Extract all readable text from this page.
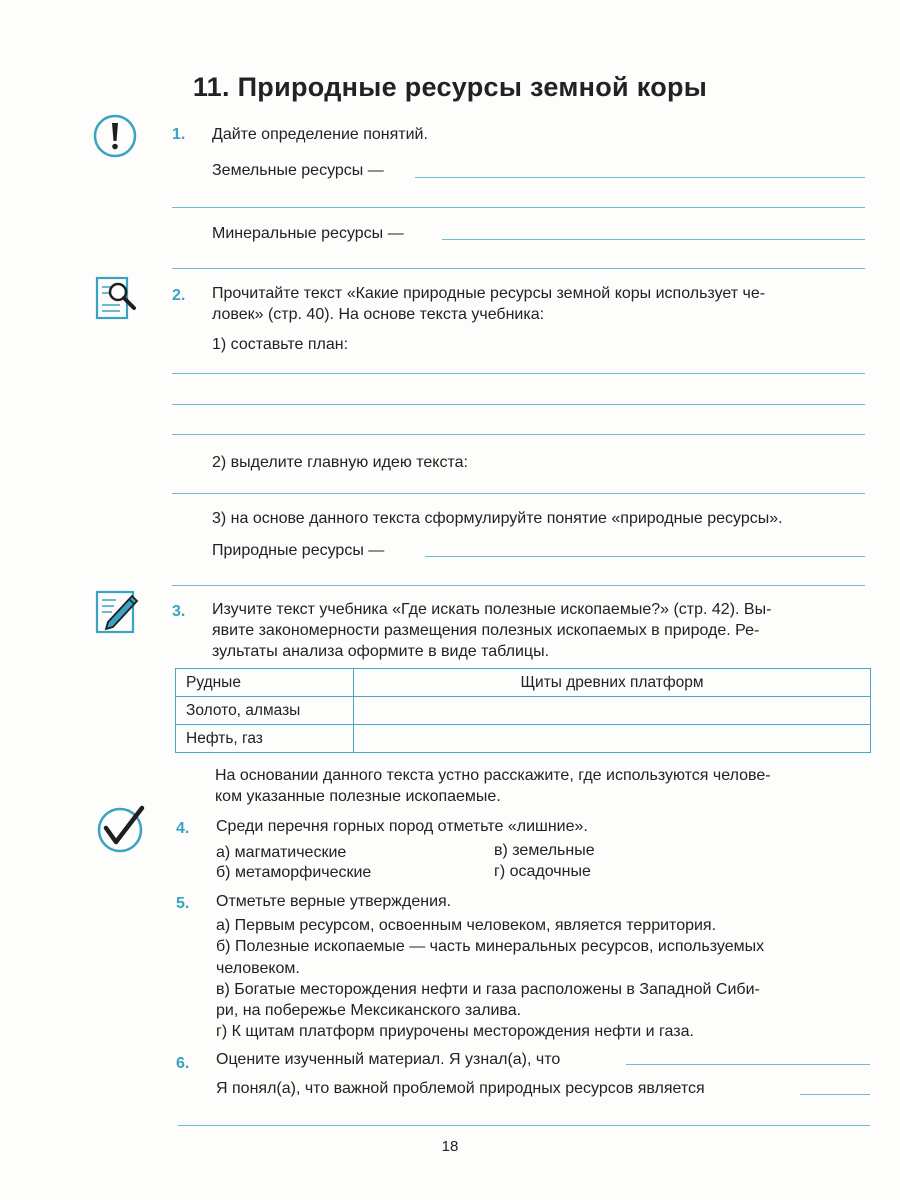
11. Природные ресурсы земной коры
1. Дайте определение понятий.
Земельные ресурсы —
Минеральные ресурсы —
2. Прочитайте текст «Какие природные ресурсы земной коры использует че-
ловек» (стр. 40). На основе текста учебника:
1) составьте план:
2) выделите главную идею текста:
3) на основе данного текста сформулируйте понятие «природные ресурсы».
Природные ресурсы —
3. Изучите текст учебника «Где искать полезные ископаемые?» (стр. 42). Вы-
явите закономерности размещения полезных ископаемых в природе. Ре-
зультаты анализа оформите в виде таблицы.
Рудные	Щиты древних платформ
Золото, алмазы	
Нефть, газ	
На основании данного текста устно расскажите, где используются челове-
ком указанные полезные ископаемые.
4. Среди перечня горных пород отметьте «лишние».
а) магматические
б) метаморфические
в) земельные
г) осадочные
5. Отметьте верные утверждения.
а) Первым ресурсом, освоенным человеком, является территория.
б) Полезные ископаемые — часть минеральных ресурсов, используемых
человеком.
в) Богатые месторождения нефти и газа расположены в Западной Сиби-
ри, на побережье Мексиканского залива.
г) К щитам платформ приурочены месторождения нефти и газа.
6. Оцените изученный материал. Я узнал(а), что
Я понял(а), что важной проблемой природных ресурсов является
18
